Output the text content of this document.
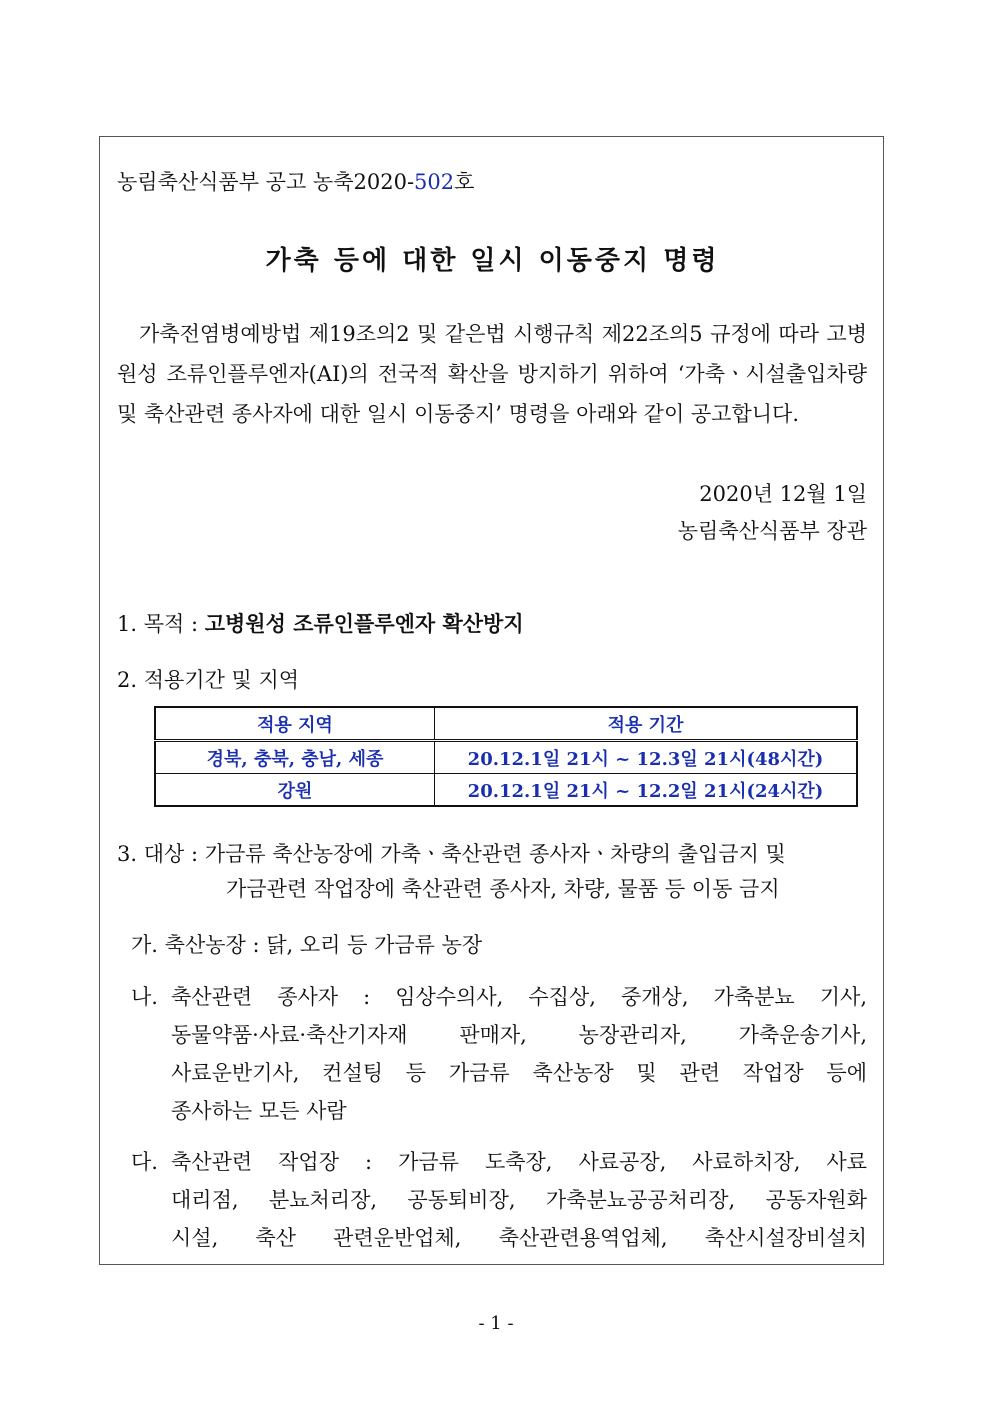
농림축산식품부 공고 농축2020-502호
가축 등에 대한 일시 이동중지 명령

가축전염병예방법 제19조의2 및 같은법 시행규칙 제22조의5 규정에 따라 고병원성 조류인플루엔자(AI)의 전국적 확산을 방지하기 위하여 ‘가축ㆍ시설출입차량 및 축산관련 종사자에 대한 일시 이동중지’ 명령을 아래와 같이 공고합니다.

2020년 12월 1일
농림축산식품부 장관
1. 목적 : 고병원성 조류인플루엔자 확산방지
2. 적용기간 및 지역
적용 지역	적용 기간
경북, 충북, 충남, 세종	20.12.1일 21시 ~ 12.3일 21시(48시간)
강원	20.12.1일 21시 ~ 12.2일 21시(24시간)
3. 대상 : 가금류 축산농장에 가축ㆍ축산관련 종사자ㆍ차량의 출입금지 및
가금관련 작업장에 축산관련 종사자, 차량, 물품 등 이동 금지
가. 축산농장 : 닭, 오리 등 가금류 농장
나. 축산관련 종사자 : 임상수의사, 수집상, 중개상, 가축분뇨 기사,
동물약품·사료·축산기자재 판매자, 농장관리자, 가축운송기사,
사료운반기사, 컨설팅 등 가금류 축산농장 및 관련 작업장 등에
종사하는 모든 사람
다. 축산관련 작업장 : 가금류 도축장, 사료공장, 사료하치장, 사료
대리점, 분뇨처리장, 공동퇴비장, 가축분뇨공공처리장, 공동자원화
시설, 축산 관련운반업체, 축산관련용역업체, 축산시설장비설치
- 1 -
